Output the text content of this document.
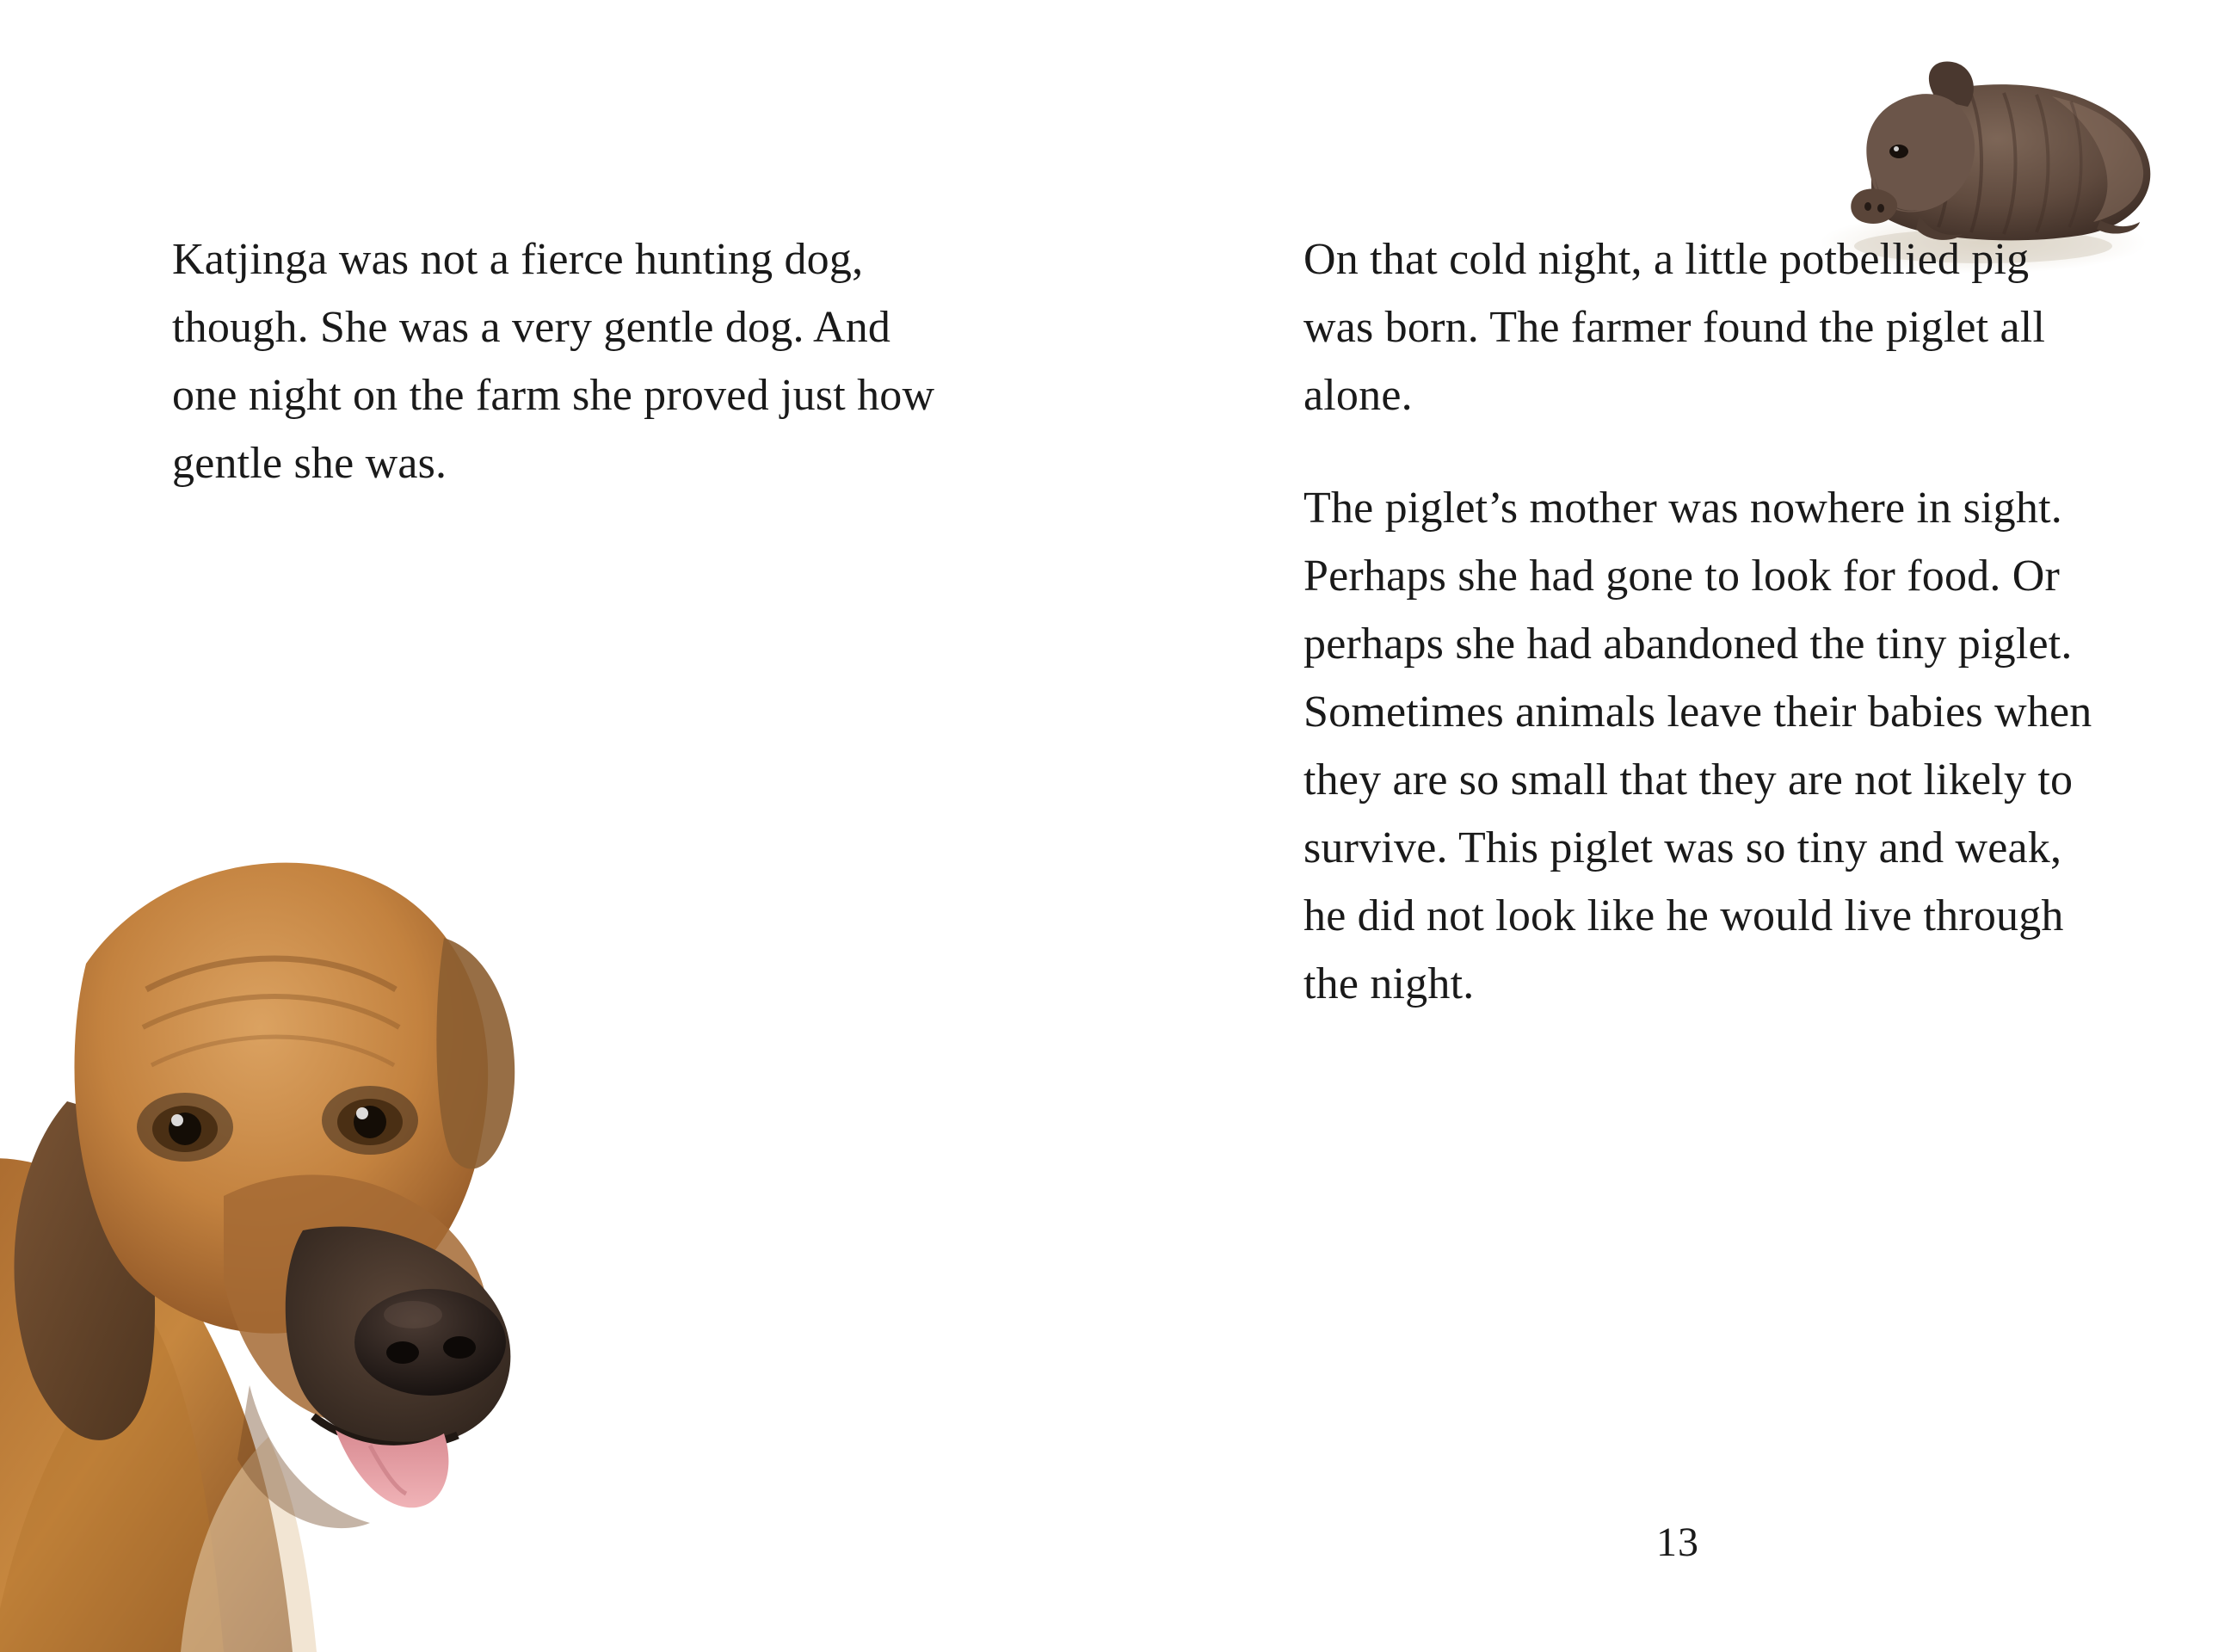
Katjinga was not a fierce hunting dog, though. She was a very gentle dog. And one night on the farm she proved just how gentle she was.

On that cold night, a little potbellied pig was born. The farmer found the piglet all alone.

The piglet’s mother was nowhere in sight. Perhaps she had gone to look for food. Or perhaps she had abandoned the tiny piglet. Sometimes animals leave their babies when they are so small that they are not likely to survive. This piglet was so tiny and weak, he did not look like he would live through the night.

13
